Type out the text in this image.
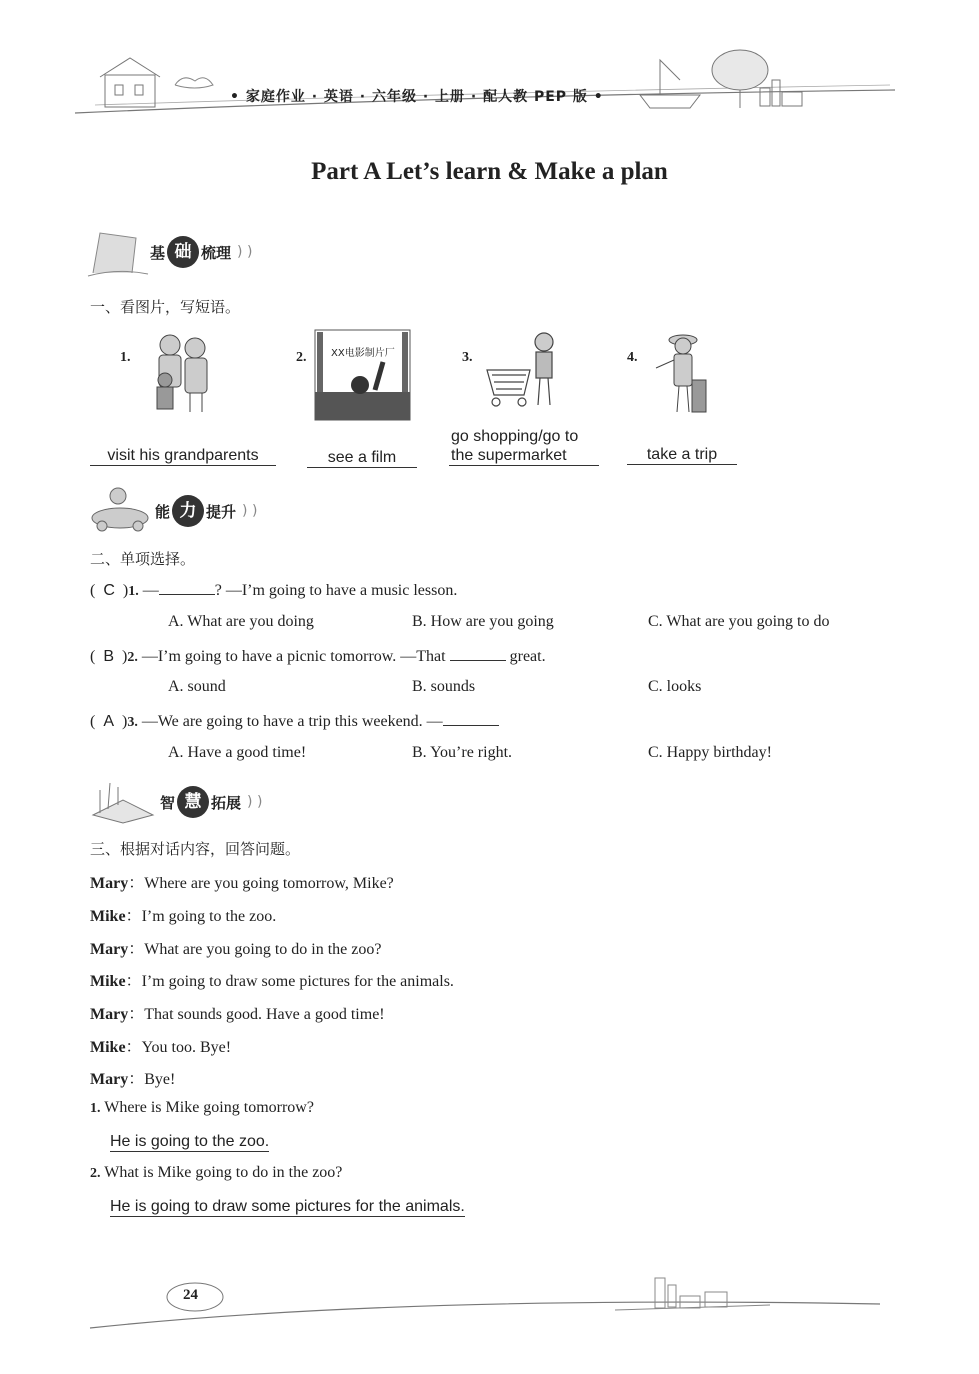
• 家庭作业 · 英语 · 六年级 · 上册 · 配人教 PEP 版 •
Part A Let’s learn & Make a plan
基 础 梳理 ) )
一、看图片，写短语。
1.	2. XX电影制片厂	3.	4.
visit his grandparents	see a film
go shopping/go to
the supermarket	take a trip
能 力 提升 ) )
二、单项选择。
(  C  )1. —	? —I’m going to have a music lesson.
A. What are you doing	B. How are you going	C. What are you going to do
(  B  )2. —I’m going to have a picnic tomorrow. —That	great.
A. sound	B. sounds	C. looks
(  A  )3. —We are going to have a trip this weekend. —
A. Have a good time!	B. You’re right.	C. Happy birthday!
智 慧 拓展 ) )
三、根据对话内容，回答问题。
Mary：Where are you going tomorrow, Mike?
Mike：I’m going to the zoo.
Mary：What are you going to do in the zoo?
Mike：I’m going to draw some pictures for the animals.
Mary：That sounds good. Have a good time!
Mike：You too. Bye!
Mary：Bye!
1. Where is Mike going tomorrow?
He is going to the zoo.
2. What is Mike going to do in the zoo?
He is going to draw some pictures for the animals.
24
